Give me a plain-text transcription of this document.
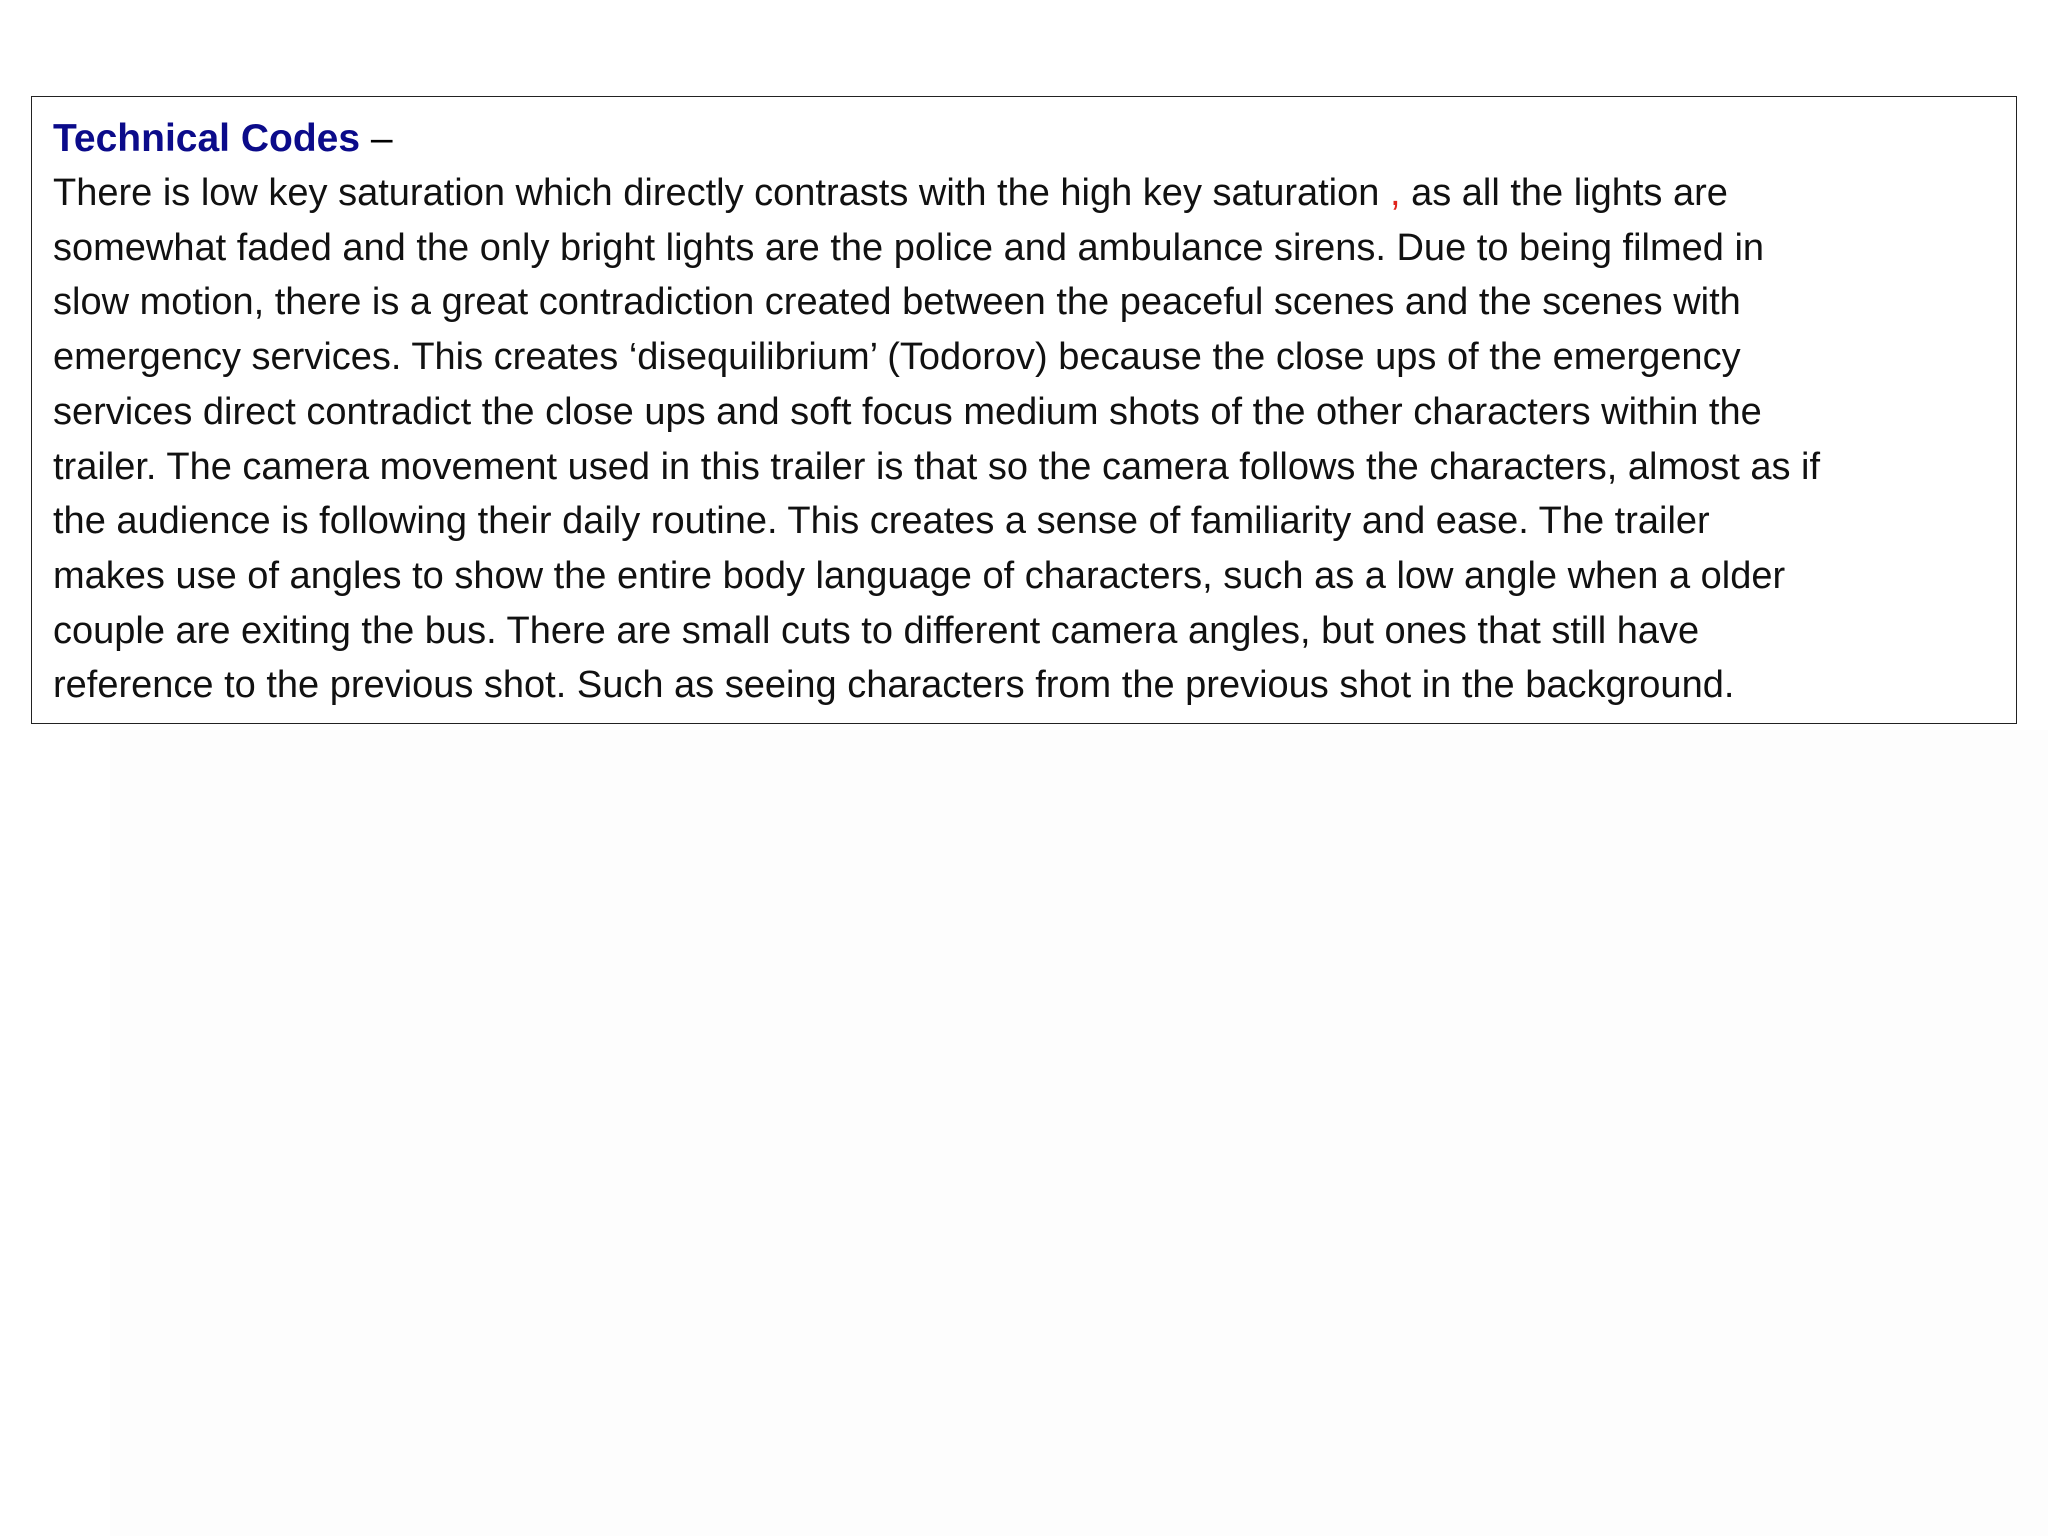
Technical Codes –
There is low key saturation which directly contrasts with the high key saturation , as all the lights are
somewhat faded and the only bright lights are the police and ambulance sirens. Due to being filmed in
slow motion, there is a great contradiction created between the peaceful scenes and the scenes with
emergency services. This creates ‘disequilibrium’ (Todorov) because the close ups of the emergency
services direct contradict the close ups and soft focus medium shots of the other characters within the
trailer. The camera movement used in this trailer is that so the camera follows the characters, almost as if
the audience is following their daily routine. This creates a sense of familiarity and ease. The trailer
makes use of angles to show the entire body language of characters, such as a low angle when a older
couple are exiting the bus. There are small cuts to different camera angles, but ones that still have
reference to the previous shot. Such as seeing characters from the previous shot in the background.
